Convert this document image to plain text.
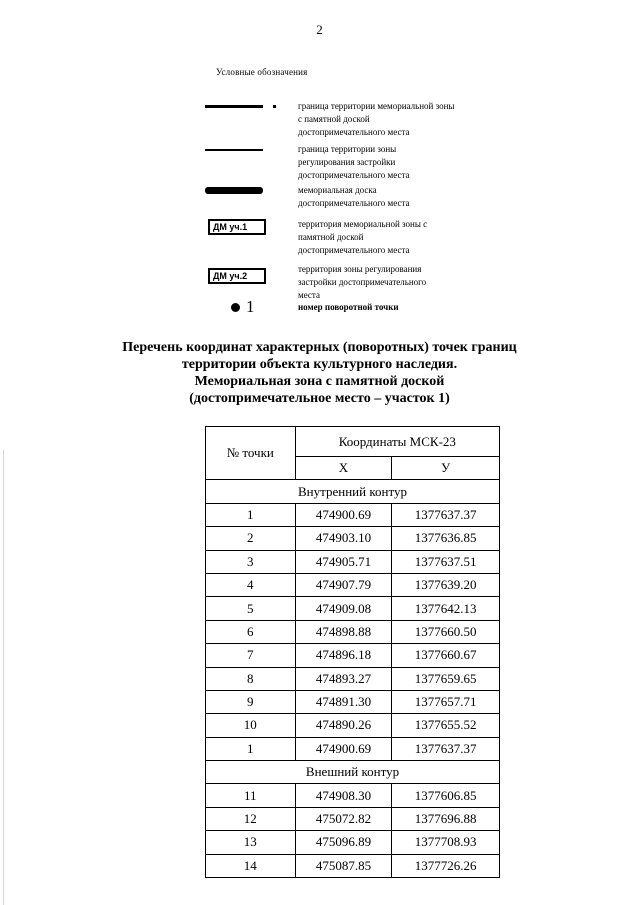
2
Условные обозначения
граница территории мемориальной зоны
с памятной доской
достопримечательного места
граница территории зоны
регулирования застройки
достопримечательного места
мемориальная доска
достопримечательного места
ДМ уч.1	территория мемориальной зоны с
памятной доской
достопримечательного места
ДМ уч.2
территория зоны регулирования
застройки достопримечательного
места
1	номер поворотной точки
Перечень координат характерных (поворотных) точек границ
территории объекта культурного наследия.
Мемориальная зона с памятной доской
(достопримечательное место – участок 1)
№ точки	Координаты МСК-23	
	Х	У
Внутренний контур		
1	474900.69	1377637.37
2	474903.10	1377636.85
3	474905.71	1377637.51
4	474907.79	1377639.20
5	474909.08	1377642.13
6	474898.88	1377660.50
7	474896.18	1377660.67
8	474893.27	1377659.65
9	474891.30	1377657.71
10	474890.26	1377655.52
1	474900.69	1377637.37
Внешний контур		
11	474908.30	1377606.85
12	475072.82	1377696.88
13	475096.89	1377708.93
14	475087.85	1377726.26
